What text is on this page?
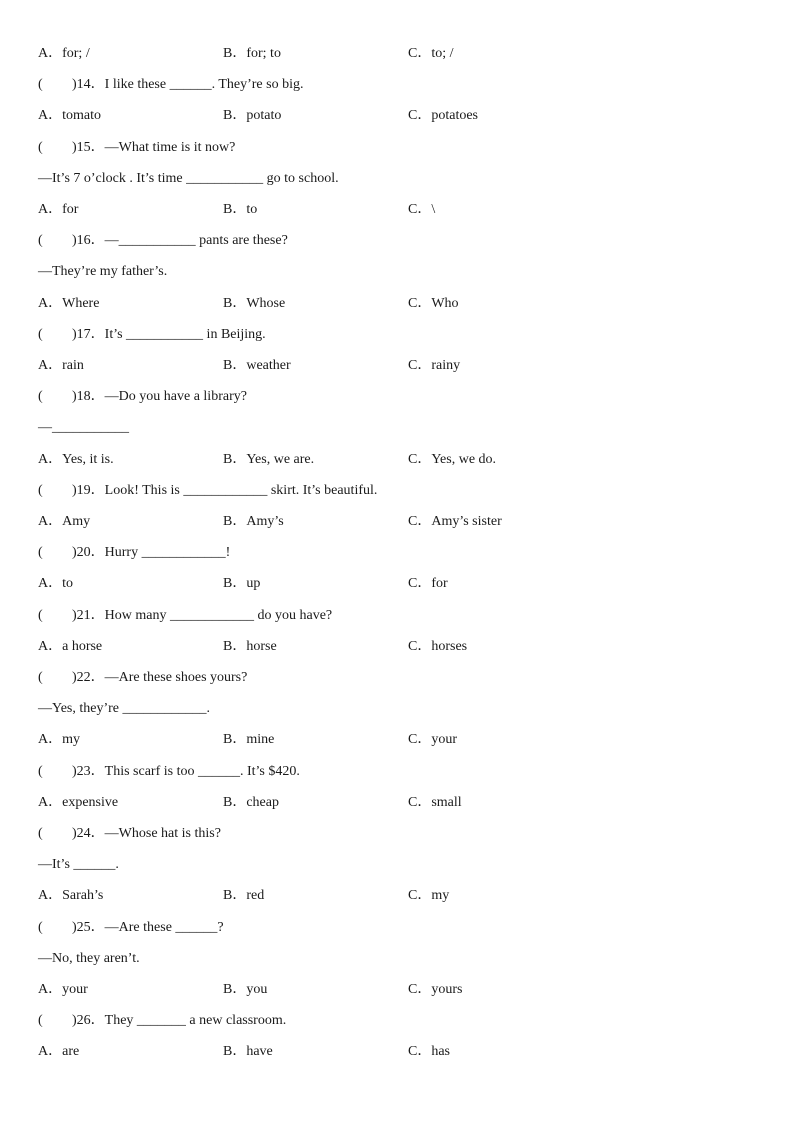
A．for; /	B．for; to	C．to; /
( )14．I like these ______. They’re so big.
A．tomato	B．potato	C．potatoes
( )15．—What time is it now?
—It’s 7 o’clock . It’s time ___________ go to school.
A．for	B．to	C．\
( )16．—___________ pants are these?
—They’re my father’s.
A．Where	B．Whose	C．Who
( )17．It’s ___________ in Beijing.
A．rain	B．weather	C．rainy
( )18．—Do you have a library?
—___________
A．Yes, it is.	B．Yes, we are.	C．Yes, we do.
( )19．Look! This is ____________ skirt. It’s beautiful.
A．Amy	B．Amy’s	C．Amy’s sister
( )20．Hurry ____________!
A．to	B．up	C．for
( )21．How many ____________ do you have?
A．a horse	B．horse	C．horses
( )22．—Are these shoes yours?
—Yes, they’re ____________.
A．my	B．mine	C．your
( )23．This scarf is too ______. It’s $420.
A．expensive	B．cheap	C．small
( )24．—Whose hat is this?
—It’s ______.
A．Sarah’s	B．red	C．my
( )25．—Are these ______?
—No, they aren’t.
A．your	B．you	C．yours
( )26．They _______ a new classroom.
A．are	B．have	C．has
